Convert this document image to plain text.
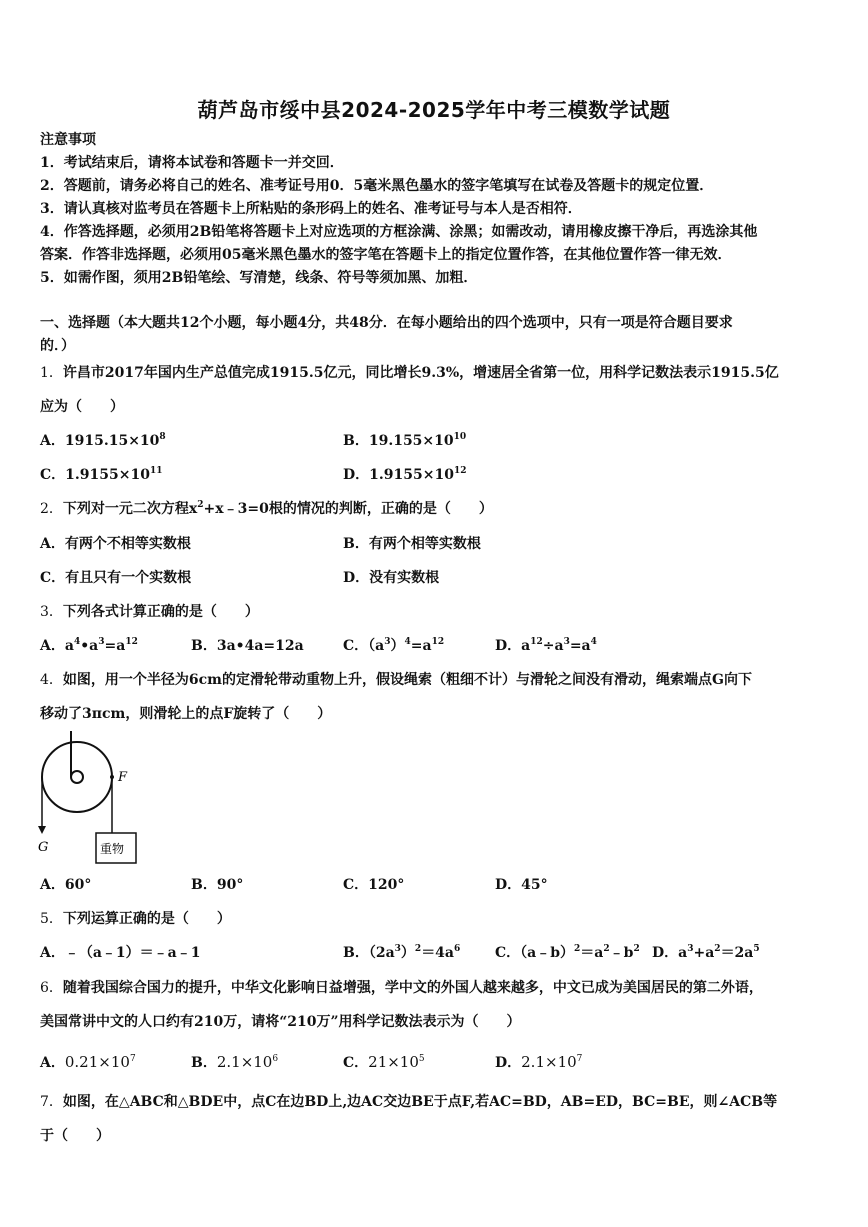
葫芦岛市绥中县2024-2025学年中考三模数学试题
注意事项
1．考试结束后，请将本试卷和答题卡一并交回．
2．答题前，请务必将自己的姓名、准考证号用0．5毫米黑色墨水的签字笔填写在试卷及答题卡的规定位置．
3．请认真核对监考员在答题卡上所粘贴的条形码上的姓名、准考证号与本人是否相符．
4．作答选择题，必须用2B铅笔将答题卡上对应选项的方框涂满、涂黑；如需改动，请用橡皮擦干净后，再选涂其他
答案．作答非选择题，必须用05毫米黑色墨水的签字笔在答题卡上的指定位置作答，在其他位置作答一律无效．
5．如需作图，须用2B铅笔绘、写清楚，线条、符号等须加黑、加粗．
一、选择题（本大题共12个小题，每小题4分，共48分．在每小题给出的四个选项中，只有一项是符合题目要求
的．）
1．许昌市2017年国内生产总值完成1915.5亿元，同比增长9.3%，增速居全省第一位，用科学记数法表示1915.5亿
应为（　　）
A．$1915.15\times 10^8$	B．$19.155\times 10^{10}$
C．$1.9155\times 10^{11}$	D．$1.9155\times 10^{12}$
2．下列对一元二次方程$x^2+x﹣3=0$根的情况的判断，正确的是（　　）
A．有两个不相等实数根	B．有两个相等实数根
C．有且只有一个实数根	D．没有实数根
3．下列各式计算正确的是（　　）
A．$a^4•a^3=a^{12}$	B．3a•4a=12a	C．$(a^3)^4=a^{12}$	D．$a^{12}\div a^3=a^4$
4．如图，用一个半径为6cm的定滑轮带动重物上升，假设绳索（粗细不计）与滑轮之间没有滑动，绳索端点G向下
移动了3πcm，则滑轮上的点F旋转了（　　）
F
G	重物
A．60°	B．90°	C．120°	D．45°
5．下列运算正确的是（　　）
A．﹣（a﹣1）＝﹣a﹣1	B．$(2a^3)^2=4a^6$ C．$(a﹣b)^2=a^2﹣b^2$ D．$a^3+a^2=2a^5$
6．随着我国综合国力的提升，中华文化影响日益增强，学中文的外国人越来越多，中文已成为美国居民的第二外语，
美国常讲中文的人口约有210万，请将“210万”用科学记数法表示为（　　）
A．$0.21\times 10^7$	B．$2.1\times 10^6$	C．$21\times 10^5$	D．$2.1\times 10^7$
7．如图，在△ABC和△BDE中，点C在边BD上,边AC交边BE于点F,若AC=BD，AB=ED，BC=BE，则∠ACB等
于（　　）
